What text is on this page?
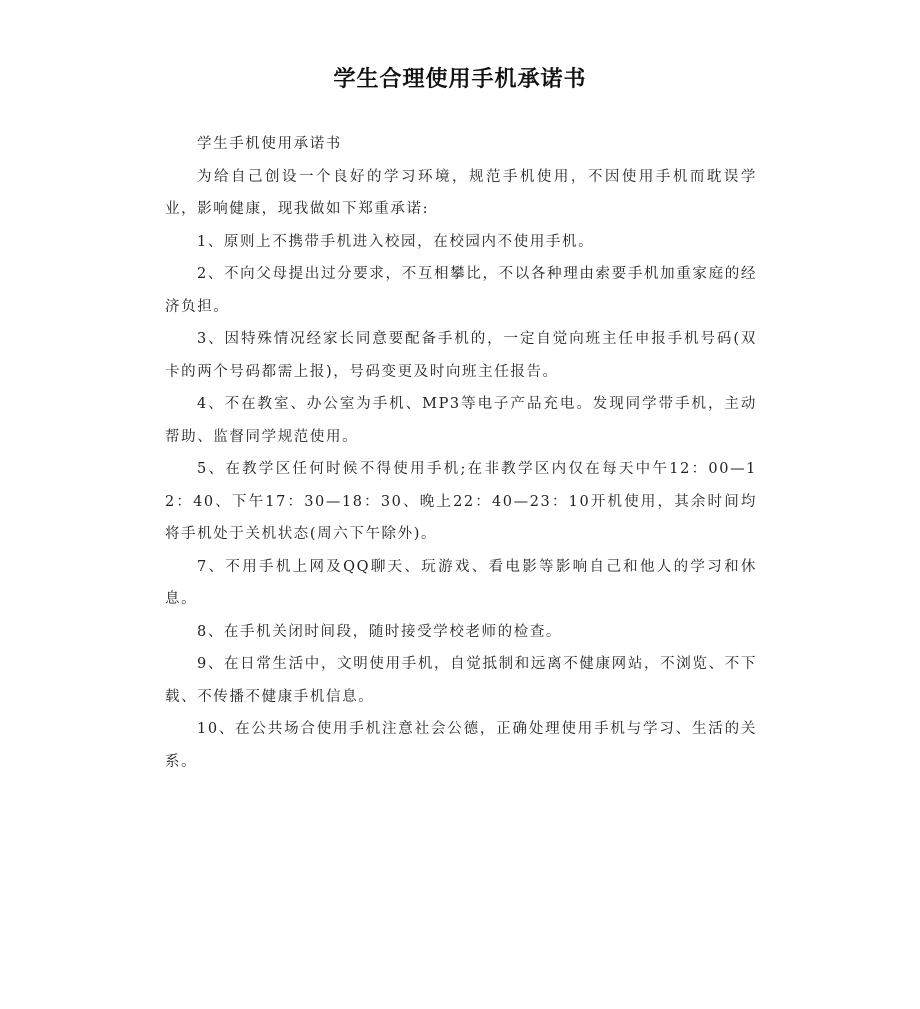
学生合理使用手机承诺书

学生手机使用承诺书

为给自己创设一个良好的学习环境，规范手机使用，不因使用手机而耽误学业，影响健康，现我做如下郑重承诺:

1、原则上不携带手机进入校园，在校园内不使用手机。

2、不向父母提出过分要求，不互相攀比，不以各种理由索要手机加重家庭的经济负担。

3、因特殊情况经家长同意要配备手机的，一定自觉向班主任申报手机号码(双卡的两个号码都需上报)，号码变更及时向班主任报告。

4、不在教室、办公室为手机、MP3等电子产品充电。发现同学带手机，主动帮助、监督同学规范使用。

5、在教学区任何时候不得使用手机;在非教学区内仅在每天中午12：00—12：40、下午17：30—18：30、晚上22：40—23：10开机使用，其余时间均将手机处于关机状态(周六下午除外)。

7、不用手机上网及QQ聊天、玩游戏、看电影等影响自己和他人的学习和休息。

8、在手机关闭时间段，随时接受学校老师的检查。

9、在日常生活中，文明使用手机，自觉抵制和远离不健康网站，不浏览、不下载、不传播不健康手机信息。

10、在公共场合使用手机注意社会公德，正确处理使用手机与学习、生活的关系。
